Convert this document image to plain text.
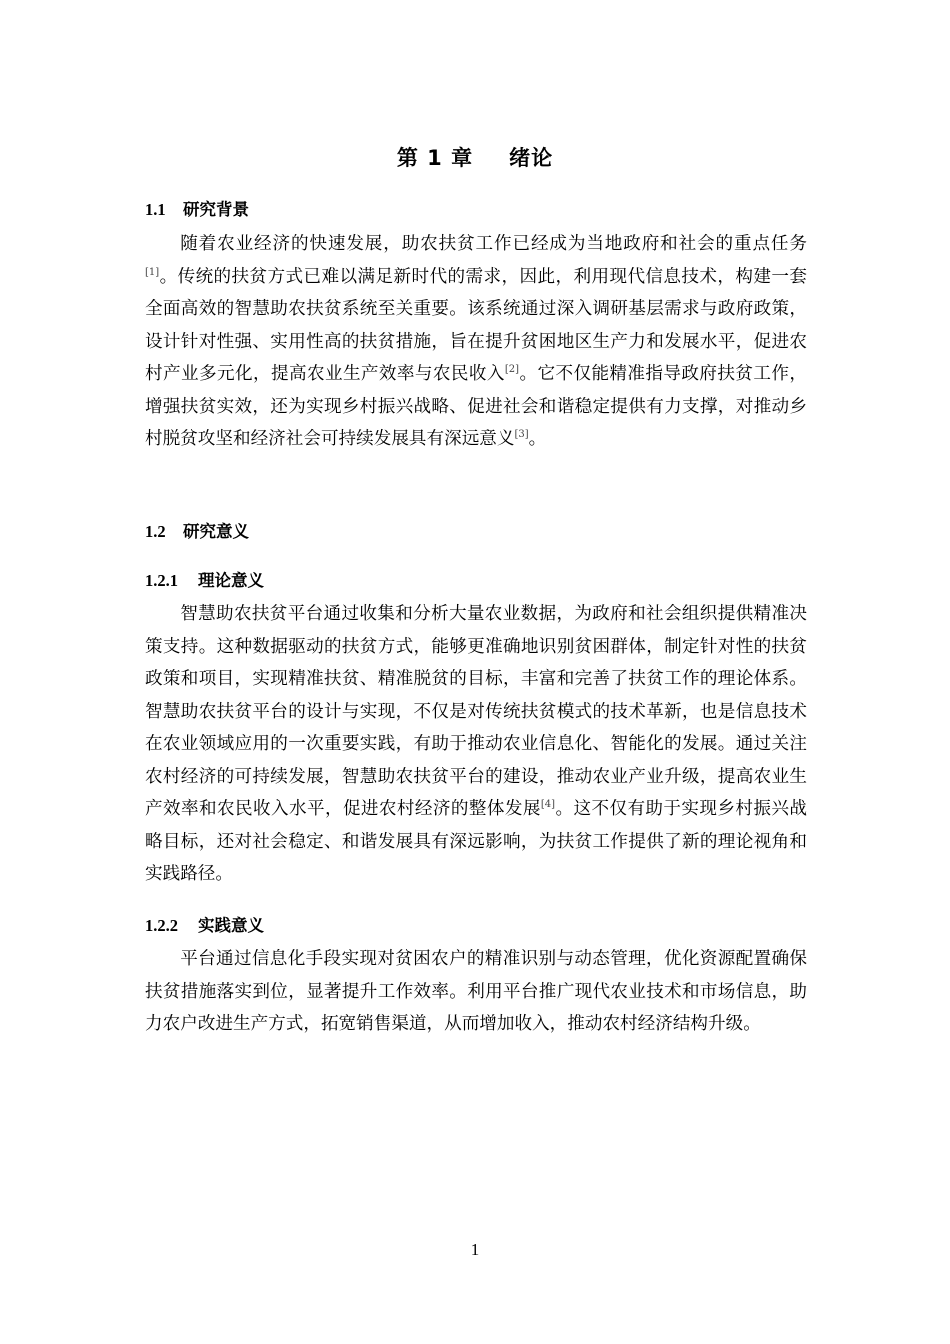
第 1 章 绪论
1.1 研究背景

随着农业经济的快速发展，助农扶贫工作已经成为当地政府和社会的重点任务[1]。传统的扶贫方式已难以满足新时代的需求，因此，利用现代信息技术，构建一套全面高效的智慧助农扶贫系统至关重要。该系统通过深入调研基层需求与政府政策，设计针对性强、实用性高的扶贫措施，旨在提升贫困地区生产力和发展水平，促进农村产业多元化，提高农业生产效率与农民收入[2]。它不仅能精准指导政府扶贫工作，增强扶贫实效，还为实现乡村振兴战略、促进社会和谐稳定提供有力支撑，对推动乡村脱贫攻坚和经济社会可持续发展具有深远意义[3]。

1.2 研究意义
1.2.1 理论意义

智慧助农扶贫平台通过收集和分析大量农业数据，为政府和社会组织提供精准决策支持。这种数据驱动的扶贫方式，能够更准确地识别贫困群体，制定针对性的扶贫政策和项目，实现精准扶贫、精准脱贫的目标，丰富和完善了扶贫工作的理论体系。智慧助农扶贫平台的设计与实现，不仅是对传统扶贫模式的技术革新，也是信息技术在农业领域应用的一次重要实践，有助于推动农业信息化、智能化的发展。通过关注农村经济的可持续发展，智慧助农扶贫平台的建设，推动农业产业升级，提高农业生产效率和农民收入水平，促进农村经济的整体发展[4]。这不仅有助于实现乡村振兴战略目标，还对社会稳定、和谐发展具有深远影响，为扶贫工作提供了新的理论视角和实践路径。

1.2.2 实践意义

平台通过信息化手段实现对贫困农户的精准识别与动态管理，优化资源配置确保扶贫措施落实到位，显著提升工作效率。利用平台推广现代农业技术和市场信息，助力农户改进生产方式，拓宽销售渠道，从而增加收入，推动农村经济结构升级。

1
